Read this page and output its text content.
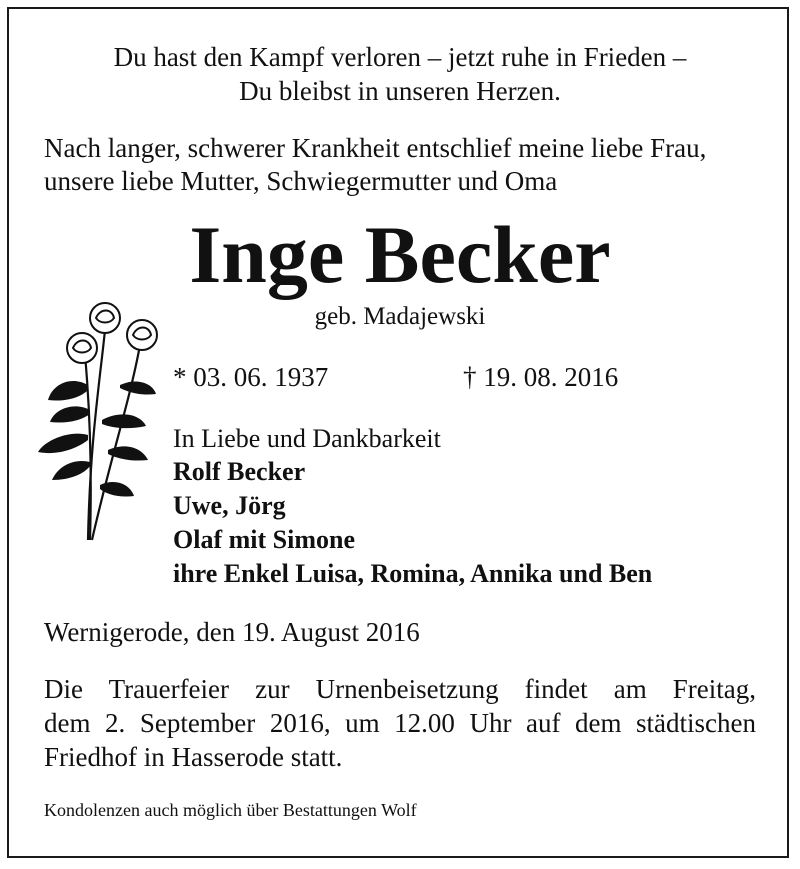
Du hast den Kampf verloren – jetzt ruhe in Frieden –
Du bleibst in unseren Herzen.
Nach langer, schwerer Krankheit entschlief meine liebe Frau,
unsere liebe Mutter, Schwiegermutter und Oma
Inge Becker
geb. Madajewski
* 03. 06. 1937	† 19. 08. 2016
In Liebe und Dankbarkeit
Rolf Becker
Uwe, Jörg
Olaf mit Simone
ihre Enkel Luisa, Romina, Annika und Ben
Wernigerode, den 19. August 2016
Die Trauerfeier zur Urnenbeisetzung findet am Freitag,
dem 2. September 2016, um 12.00 Uhr auf dem städtischen
Friedhof in Hasserode statt.
Kondolenzen auch möglich über Bestattungen Wolf
